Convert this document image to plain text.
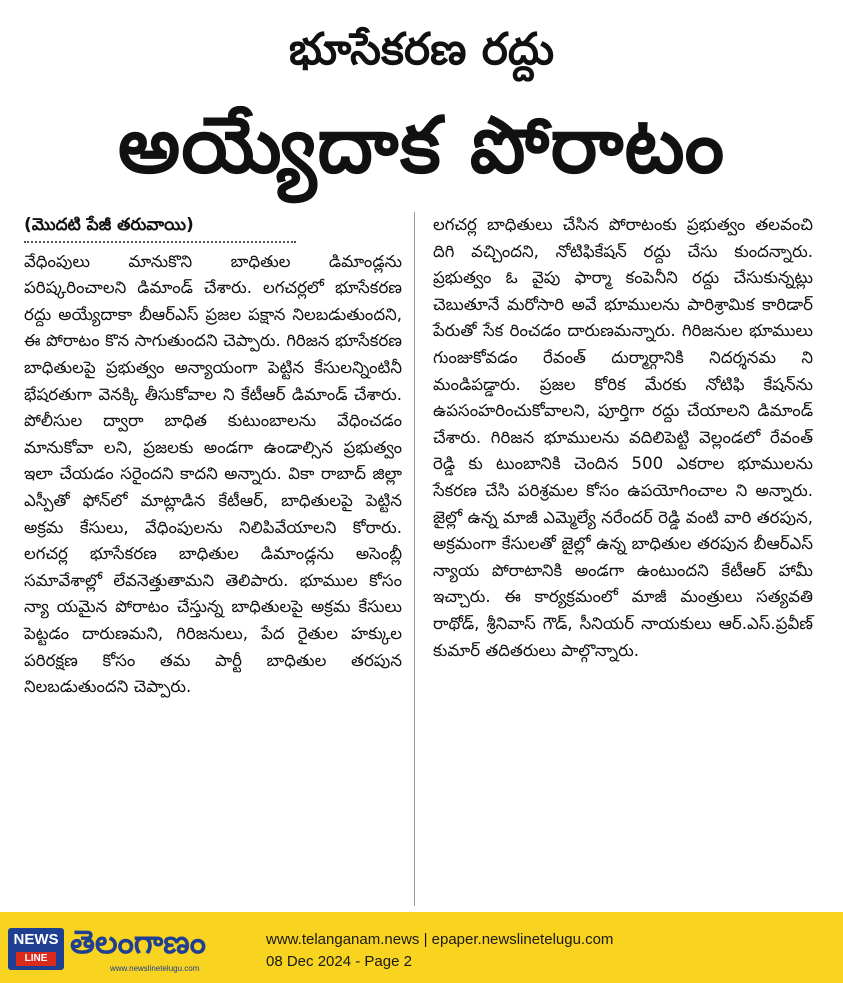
భూసేకరణ రద్దు
అయ్యేదాక పోరాటం
(మొదటి పేజీ తరువాయి)

వేధింపులు మానుకొని బాధితుల డిమాండ్లను పరిష్కరించాలని డిమాండ్ చేశారు. లగచర్లలో భూసేకరణ రద్దు అయ్యేదాకా బీఆర్ఎస్ ప్రజల పక్షాన నిలబడుతుందని, ఈ పోరాటం కొన సాగుతుందని చెప్పారు. గిరిజన భూసేకరణ బాధితులపై ప్రభుత్వం అన్యాయంగా పెట్టిన కేసులన్నింటినీ భేషరతుగా వెనక్కి తీసుకోవాల ని కేటీఆర్ డిమాండ్ చేశారు. పోలీసుల ద్వారా బాధిత కుటుంబాలను వేధించడం మానుకోవా లని, ప్రజలకు అండగా ఉండాల్సిన ప్రభుత్వం ఇలా చేయడం సరైందని కాదని అన్నారు. వికా రాబాద్ జిల్లా ఎస్పీతో ఫోన్‌లో మాట్లాడిన కేటీఆర్, బాధితులపై పెట్టిన అక్రమ కేసులు, వేధింపులను నిలిపివేయాలని కోరారు. లగచర్ల భూసేకరణ బాధితుల డిమాండ్లను అసెంబ్లీ సమావేశాల్లో లేవనెత్తుతామని తెలిపారు. భూముల కోసం న్యా యమైన పోరాటం చేస్తున్న బాధితులపై అక్రమ కేసులు పెట్టడం దారుణమని, గిరిజనులు, పేద రైతుల హక్కుల పరిరక్షణ కోసం తమ పార్టీ బాధితుల తరపున నిలబడుతుందని చెప్పారు.

లగచర్ల బాధితులు చేసిన పోరాటంకు ప్రభుత్వం తలవంచి దిగి వచ్చిందని, నోటిఫికేషన్ రద్దు చేసు కుందన్నారు. ప్రభుత్వం ఓ వైపు ఫార్మా కంపెనీని రద్దు చేసుకున్నట్లు చెబుతూనే మరోసారి అవే భూములను పారిశ్రామిక కారిడార్ పేరుతో సేక రించడం దారుణమన్నారు. గిరిజనుల భూములు గుంజుకోవడం రేవంత్ దుర్మార్గానికి నిదర్శనమ ని మండిపడ్డారు. ప్రజల కోరిక మేరకు నోటిఫి కేషన్‌ను ఉపసంహరించుకోవాలని, పూర్తిగా రద్దు చేయాలని డిమాండ్ చేశారు. గిరిజన భూములను వదిలిపెట్టి వెల్లండలో రేవంత్ రెడ్డి కు టుంబానికి చెందిన 500 ఎకరాల భూములను సేకరణ చేసి పరిశ్రమల కోసం ఉపయోగించాల ని అన్నారు. జైల్లో ఉన్న మాజీ ఎమ్మెల్యే నరేందర్ రెడ్డి వంటి వారి తరపున, అక్రమంగా కేసులతో జైల్లో ఉన్న బాధితుల తరపున బీఆర్ఎస్ న్యాయ పోరాటానికి అండగా ఉంటుందని కేటీఆర్ హామీ ఇచ్చారు. ఈ కార్యక్రమంలో మాజీ మంత్రులు సత్యవతి రాథోడ్, శ్రీనివాస్ గౌడ్, సీనియర్ నాయకులు ఆర్.ఎస్.ప్రవీణ్ కుమార్ తదితరులు పాల్గొన్నారు.

NEWS
LINE తెలంగాణం
www.newslinetelugu.com
www.telanganam.news | epaper.newslinetelugu.com
08 Dec 2024 - Page 2
